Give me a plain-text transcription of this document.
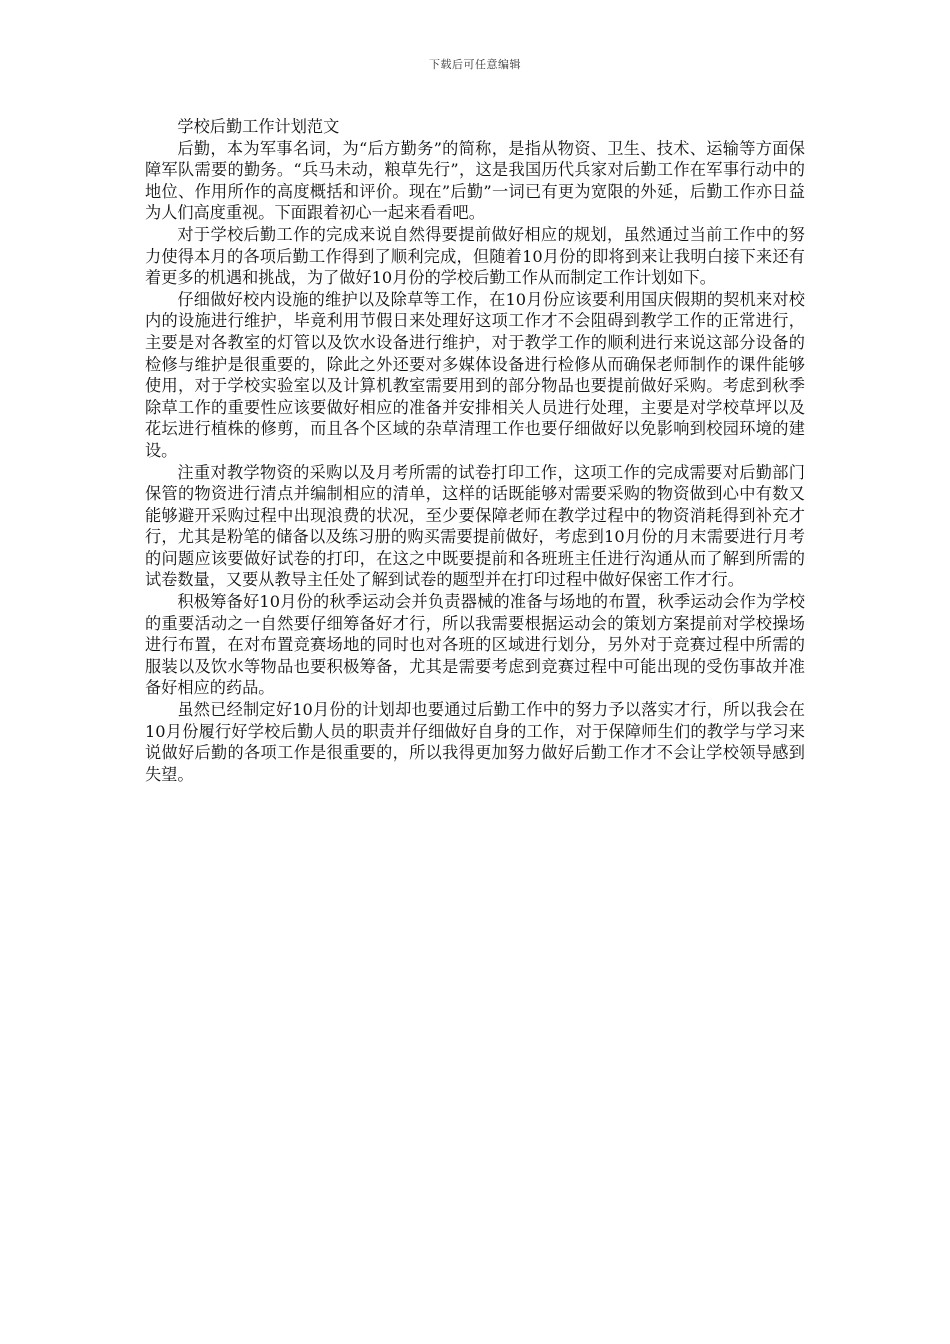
下载后可任意编辑

学校后勤工作计划范文

后勤，本为军事名词，为“后方勤务”的简称，是指从物资、卫生、技术、运输等方面保障军队需要的勤务。“兵马未动，粮草先行”，这是我国历代兵家对后勤工作在军事行动中的地位、作用所作的高度概括和评价。现在”后勤”一词已有更为宽限的外延，后勤工作亦日益为人们高度重视。下面跟着初心一起来看看吧。

对于学校后勤工作的完成来说自然得要提前做好相应的规划，虽然通过当前工作中的努力使得本月的各项后勤工作得到了顺利完成，但随着10月份的即将到来让我明白接下来还有着更多的机遇和挑战，为了做好10月份的学校后勤工作从而制定工作计划如下。

仔细做好校内设施的维护以及除草等工作，在10月份应该要利用国庆假期的契机来对校内的设施进行维护，毕竟利用节假日来处理好这项工作才不会阻碍到教学工作的正常进行，主要是对各教室的灯管以及饮水设备进行维护，对于教学工作的顺利进行来说这部分设备的检修与维护是很重要的，除此之外还要对多媒体设备进行检修从而确保老师制作的课件能够使用，对于学校实验室以及计算机教室需要用到的部分物品也要提前做好采购。考虑到秋季除草工作的重要性应该要做好相应的准备并安排相关人员进行处理，主要是对学校草坪以及花坛进行植株的修剪，而且各个区域的杂草清理工作也要仔细做好以免影响到校园环境的建设。

注重对教学物资的采购以及月考所需的试卷打印工作，这项工作的完成需要对后勤部门保管的物资进行清点并编制相应的清单，这样的话既能够对需要采购的物资做到心中有数又能够避开采购过程中出现浪费的状况，至少要保障老师在教学过程中的物资消耗得到补充才行，尤其是粉笔的储备以及练习册的购买需要提前做好，考虑到10月份的月末需要进行月考的问题应该要做好试卷的打印，在这之中既要提前和各班班主任进行沟通从而了解到所需的试卷数量，又要从教导主任处了解到试卷的题型并在打印过程中做好保密工作才行。

积极筹备好10月份的秋季运动会并负责器械的准备与场地的布置，秋季运动会作为学校的重要活动之一自然要仔细筹备好才行，所以我需要根据运动会的策划方案提前对学校操场进行布置，在对布置竞赛场地的同时也对各班的区域进行划分，另外对于竞赛过程中所需的服装以及饮水等物品也要积极筹备，尤其是需要考虑到竞赛过程中可能出现的受伤事故并准备好相应的药品。

虽然已经制定好10月份的计划却也要通过后勤工作中的努力予以落实才行，所以我会在10月份履行好学校后勤人员的职责并仔细做好自身的工作，对于保障师生们的教学与学习来说做好后勤的各项工作是很重要的，所以我得更加努力做好后勤工作才不会让学校领导感到失望。
